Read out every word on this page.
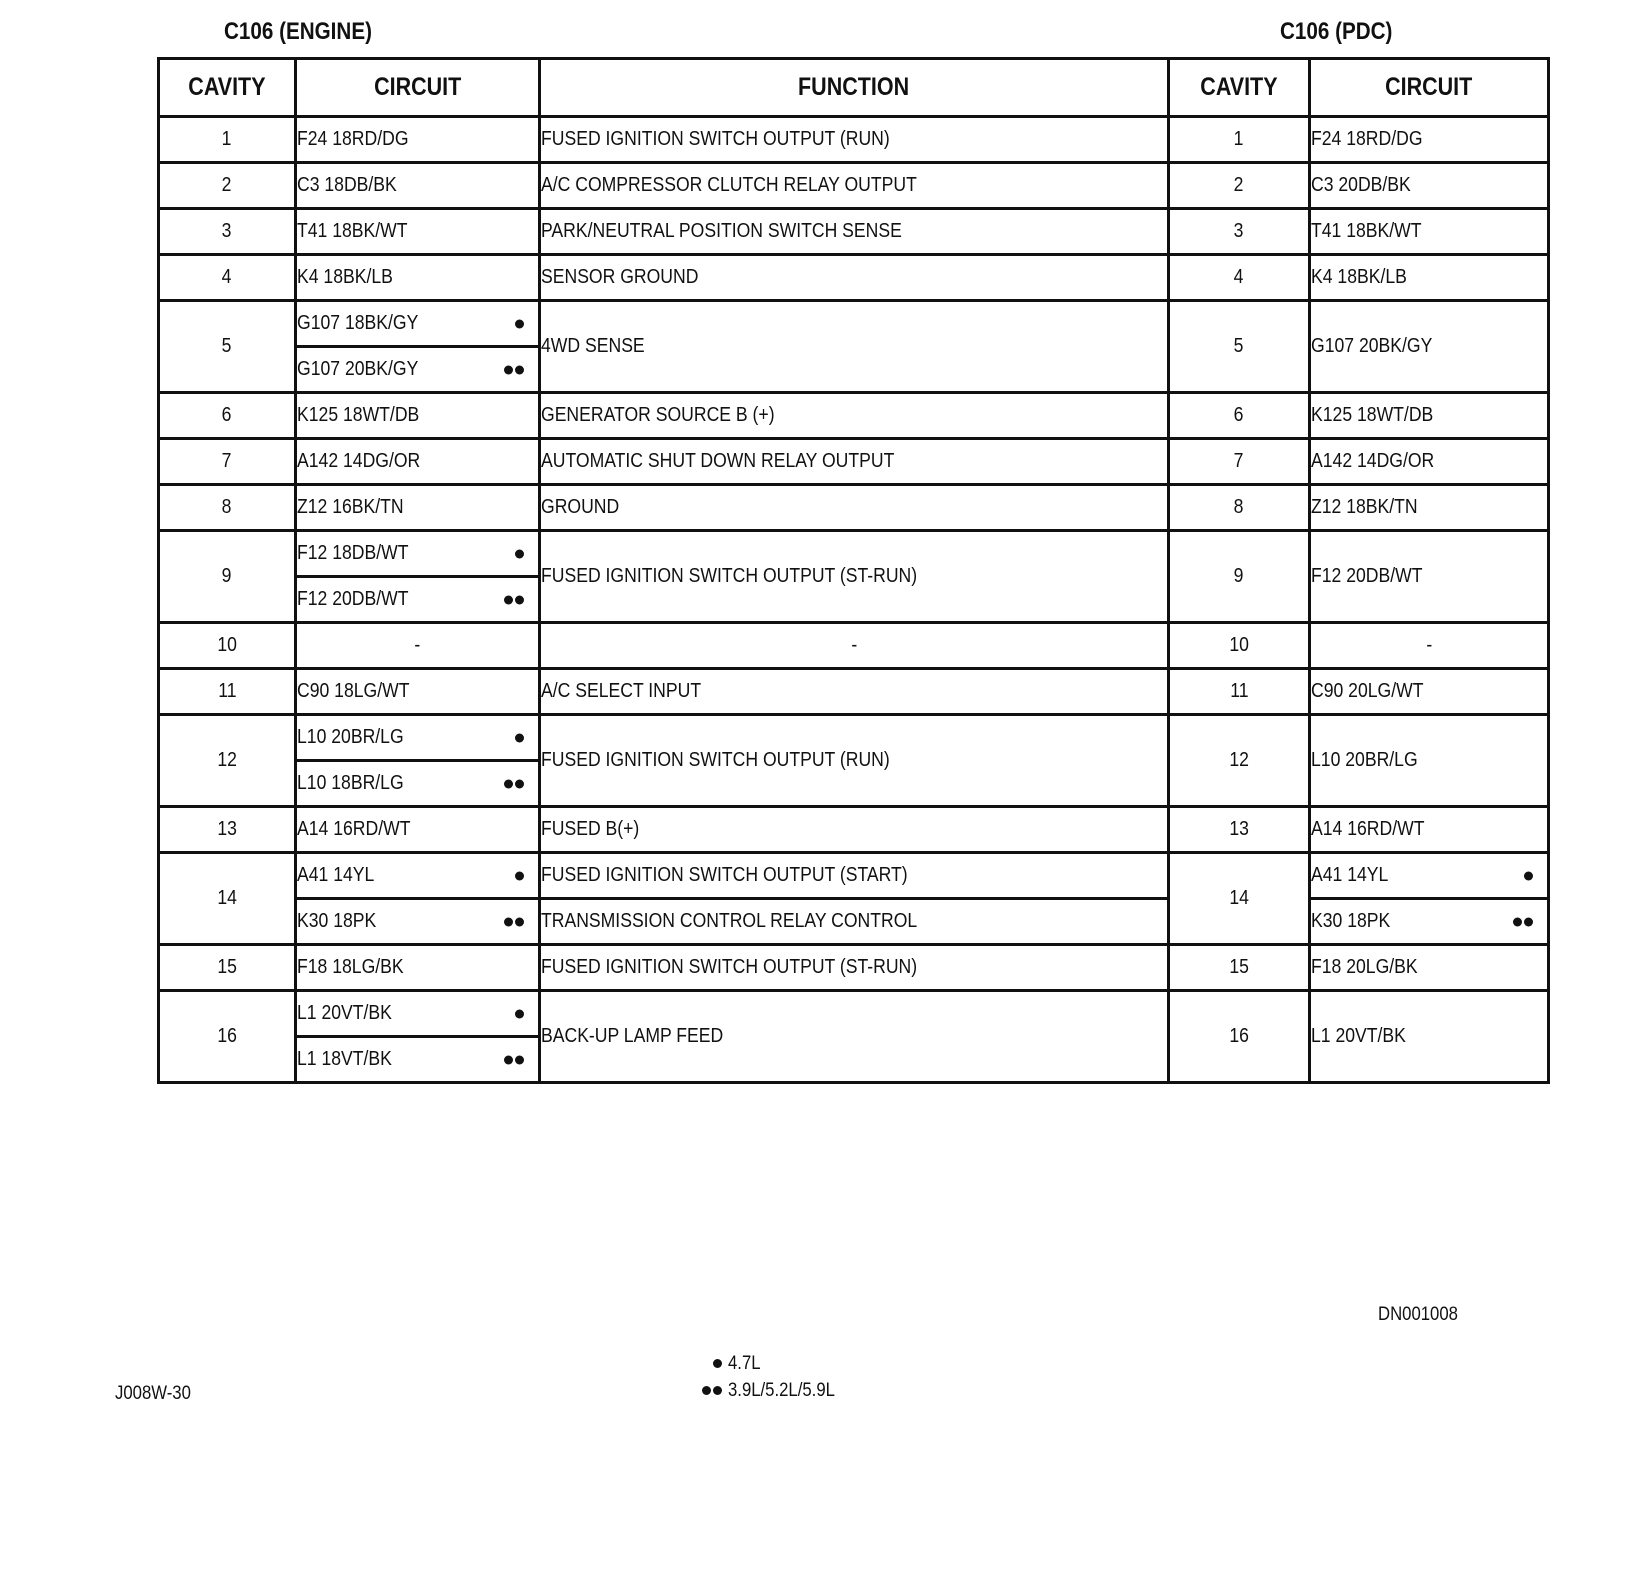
C106 (ENGINE)	C106 (PDC)
CAVITY	CIRCUIT	FUNCTION	CAVITY	CIRCUIT
1	F24 18RD/DG	FUSED IGNITION SWITCH OUTPUT (RUN)	1	F24 18RD/DG
2	C3 18DB/BK	A/C COMPRESSOR CLUTCH RELAY OUTPUT	2	C3 20DB/BK
3	T41 18BK/WT	PARK/NEUTRAL POSITION SWITCH SENSE	3	T41 18BK/WT
4	K4 18BK/LB	SENSOR GROUND	4	K4 18BK/LB
5	G107 18BK/GY	4WD SENSE	5	G107 20BK/GY
	G107 20BK/GY			

6	K125 18WT/DB	GENERATOR SOURCE B (+)	6	K125 18WT/DB
7	A142 14DG/OR	AUTOMATIC SHUT DOWN RELAY OUTPUT	7	A142 14DG/OR
8	Z12 16BK/TN	GROUND	8	Z12 18BK/TN
9	F12 18DB/WT	FUSED IGNITION SWITCH OUTPUT (ST-RUN)	9	F12 20DB/WT
	F12 20DB/WT			

10	-	-	10	-
11	C90 18LG/WT	A/C SELECT INPUT	11	C90 20LG/WT
12	L10 20BR/LG	FUSED IGNITION SWITCH OUTPUT (RUN)	12	L10 20BR/LG
	L10 18BR/LG			

13	A14 16RD/WT	FUSED B(+)	13	A14 16RD/WT
14	A41 14YL	FUSED IGNITION SWITCH OUTPUT (START)	14	A41 14YL

	K30 18PK	TRANSMISSION CONTROL RELAY CONTROL		K30 18PK

15	F18 18LG/BK	FUSED IGNITION SWITCH OUTPUT (ST-RUN)	15	F18 20LG/BK
16	L1 20VT/BK	BACK-UP LAMP FEED	16	L1 20VT/BK
	L1 18VT/BK			
DN001008
J008W-30
4.7L
3.9L/5.2L/5.9L
